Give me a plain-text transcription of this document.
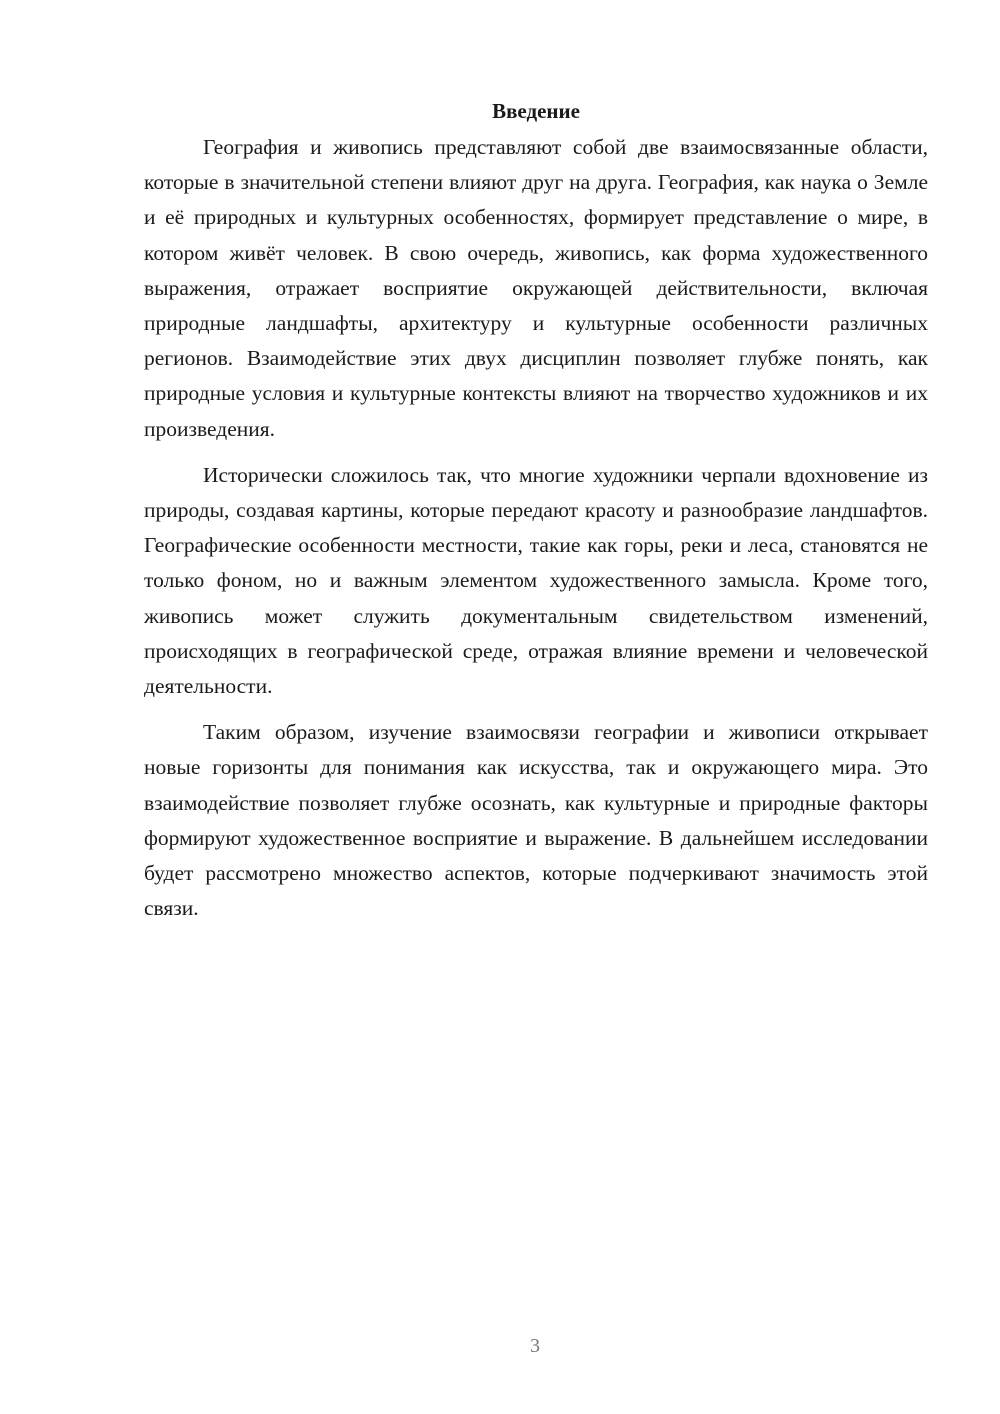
Введение

География и живопись представляют собой две взаимосвязанные области, которые в значительной степени влияют друг на друга. География, как наука о Земле и её природных и культурных особенностях, формирует представление о мире, в котором живёт человек. В свою очередь, живопись, как форма художественного выражения, отражает восприятие окружающей действительности, включая природные ландшафты, архитектуру и культурные особенности различных регионов. Взаимодействие этих двух дисциплин позволяет глубже понять, как природные условия и культурные контексты влияют на творчество художников и их произведения.

Исторически сложилось так, что многие художники черпали вдохновение из природы, создавая картины, которые передают красоту и разнообразие ландшафтов. Географические особенности местности, такие как горы, реки и леса, становятся не только фоном, но и важным элементом художественного замысла. Кроме того, живопись может служить документальным свидетельством изменений, происходящих в географической среде, отражая влияние времени и человеческой деятельности.

Таким образом, изучение взаимосвязи географии и живописи открывает новые горизонты для понимания как искусства, так и окружающего мира. Это взаимодействие позволяет глубже осознать, как культурные и природные факторы формируют художественное восприятие и выражение. В дальнейшем исследовании будет рассмотрено множество аспектов, которые подчеркивают значимость этой связи.

3
